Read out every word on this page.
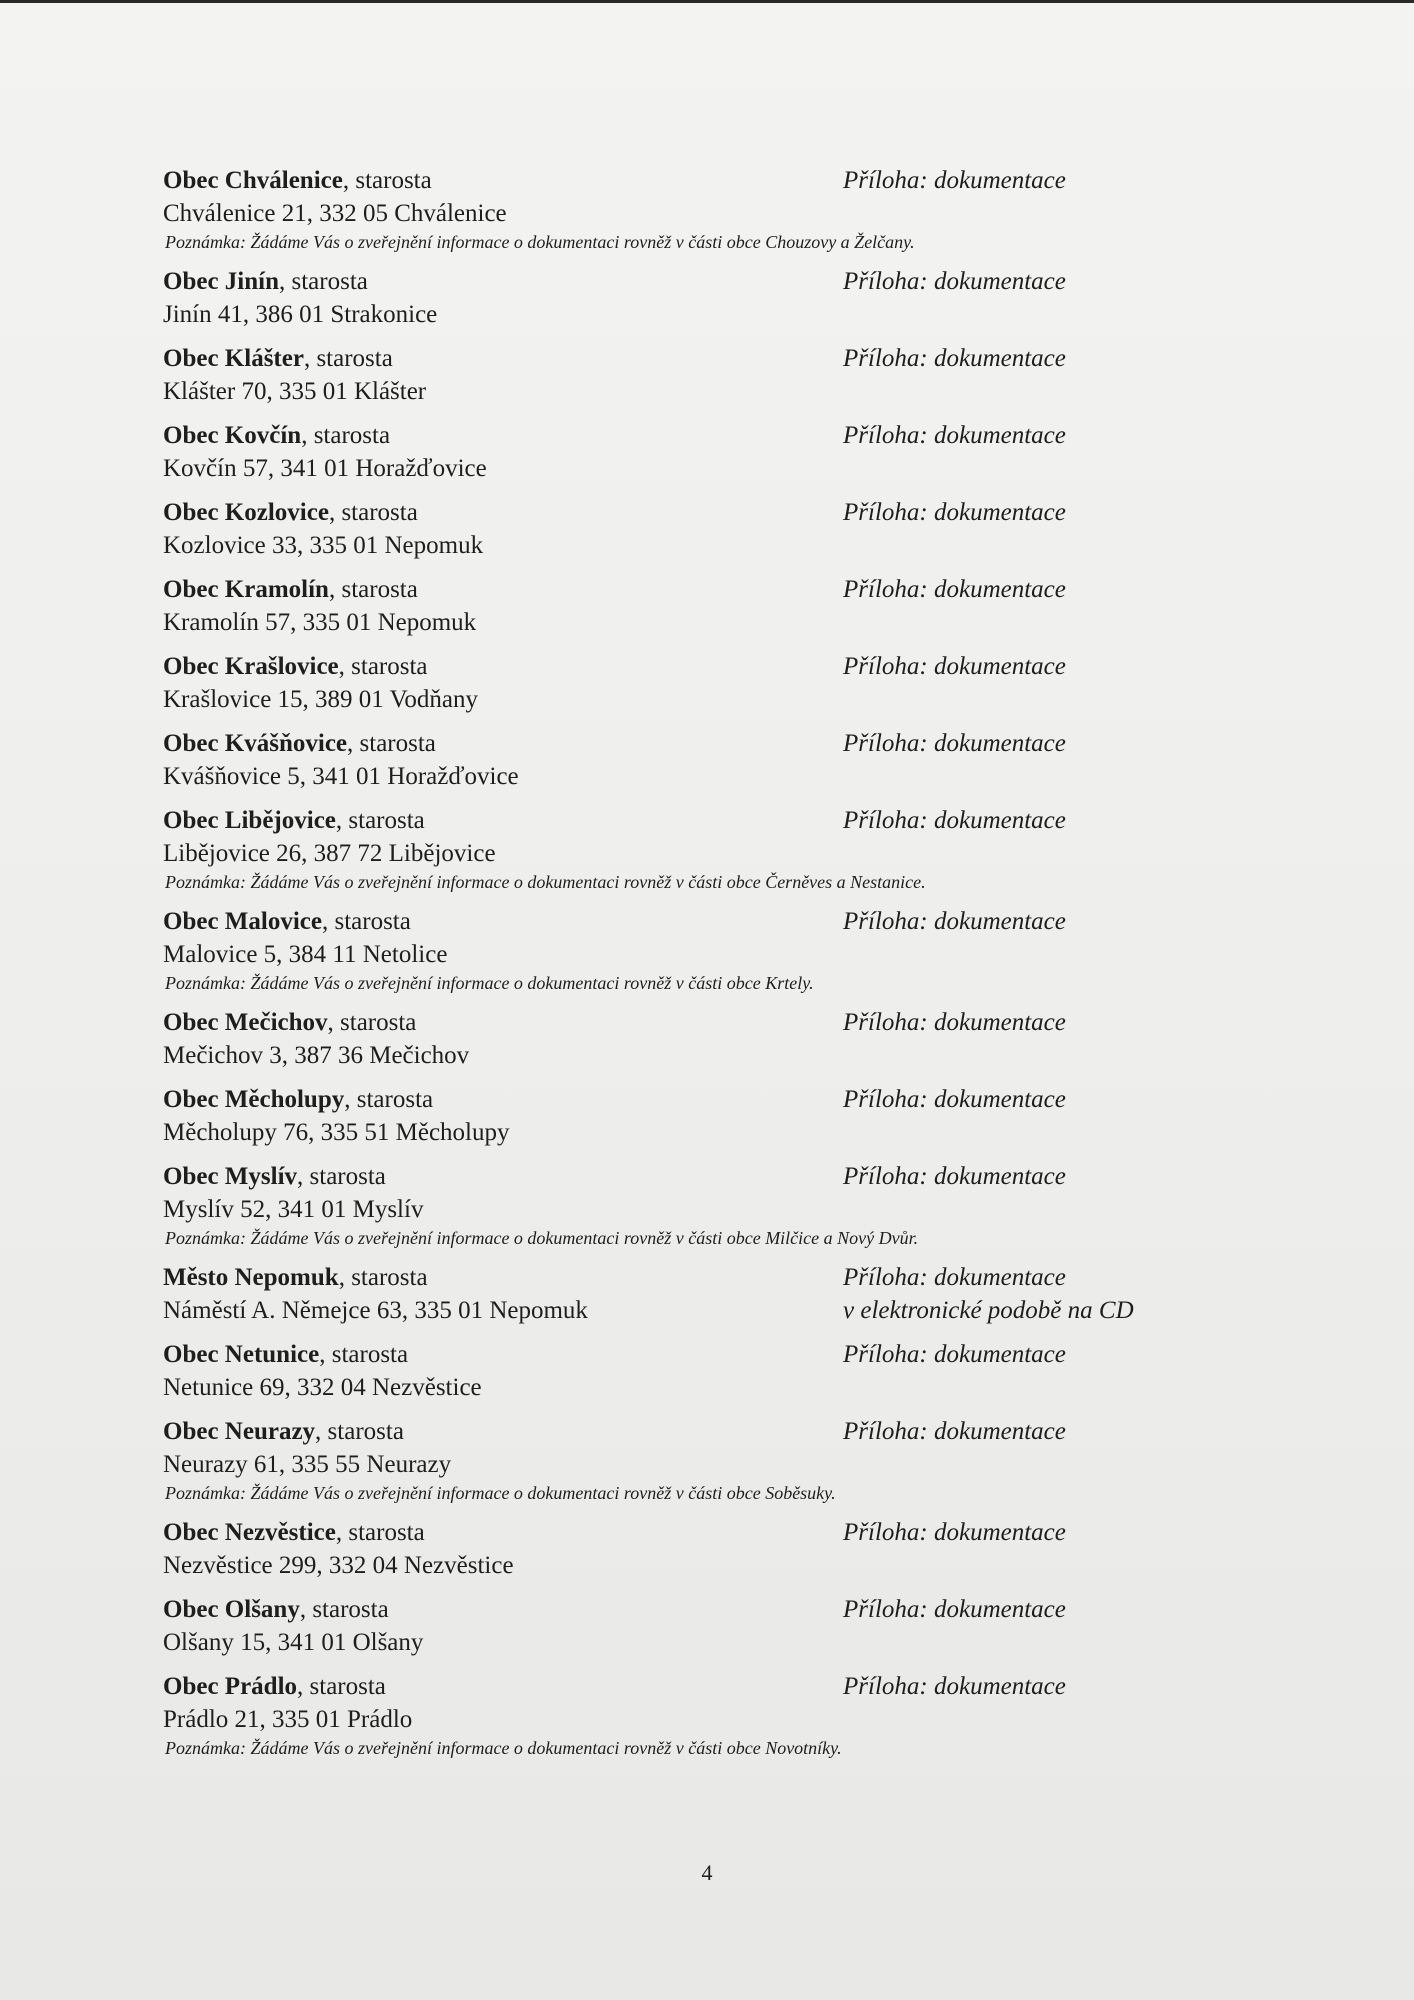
Obec Chválenice, starosta	Příloha: dokumentace
Chválenice 21, 332 05 Chválenice
Poznámka: Žádáme Vás o zveřejnění informace o dokumentaci rovněž v části obce Chouzovy a Želčany.
Obec Jinín, starosta	Příloha: dokumentace
Jinín 41, 386 01 Strakonice
Obec Klášter, starosta	Příloha: dokumentace
Klášter 70, 335 01 Klášter
Obec Kovčín, starosta	Příloha: dokumentace
Kovčín 57, 341 01 Horažďovice
Obec Kozlovice, starosta	Příloha: dokumentace
Kozlovice 33, 335 01 Nepomuk
Obec Kramolín, starosta	Příloha: dokumentace
Kramolín 57, 335 01 Nepomuk
Obec Krašlovice, starosta	Příloha: dokumentace
Krašlovice 15, 389 01 Vodňany
Obec Kvášňovice, starosta	Příloha: dokumentace
Kvášňovice 5, 341 01 Horažďovice
Obec Libějovice, starosta	Příloha: dokumentace
Libějovice 26, 387 72 Libějovice
Poznámka: Žádáme Vás o zveřejnění informace o dokumentaci rovněž v části obce Černěves a Nestanice.
Obec Malovice, starosta	Příloha: dokumentace
Malovice 5, 384 11 Netolice
Poznámka: Žádáme Vás o zveřejnění informace o dokumentaci rovněž v části obce Krtely.
Obec Mečichov, starosta	Příloha: dokumentace
Mečichov 3, 387 36 Mečichov
Obec Měcholupy, starosta	Příloha: dokumentace
Měcholupy 76, 335 51 Měcholupy
Obec Myslív, starosta	Příloha: dokumentace
Myslív 52, 341 01 Myslív
Poznámka: Žádáme Vás o zveřejnění informace o dokumentaci rovněž v části obce Milčice a Nový Dvůr.
Město Nepomuk, starosta	Příloha: dokumentace
Náměstí A. Němejce 63, 335 01 Nepomuk	v elektronické podobě na CD
Obec Netunice, starosta	Příloha: dokumentace
Netunice 69, 332 04 Nezvěstice
Obec Neurazy, starosta	Příloha: dokumentace
Neurazy 61, 335 55 Neurazy
Poznámka: Žádáme Vás o zveřejnění informace o dokumentaci rovněž v části obce Soběsuky.
Obec Nezvěstice, starosta	Příloha: dokumentace
Nezvěstice 299, 332 04 Nezvěstice
Obec Olšany, starosta	Příloha: dokumentace
Olšany 15, 341 01 Olšany
Obec Prádlo, starosta	Příloha: dokumentace
Prádlo 21, 335 01 Prádlo
Poznámka: Žádáme Vás o zveřejnění informace o dokumentaci rovněž v části obce Novotníky.
4
